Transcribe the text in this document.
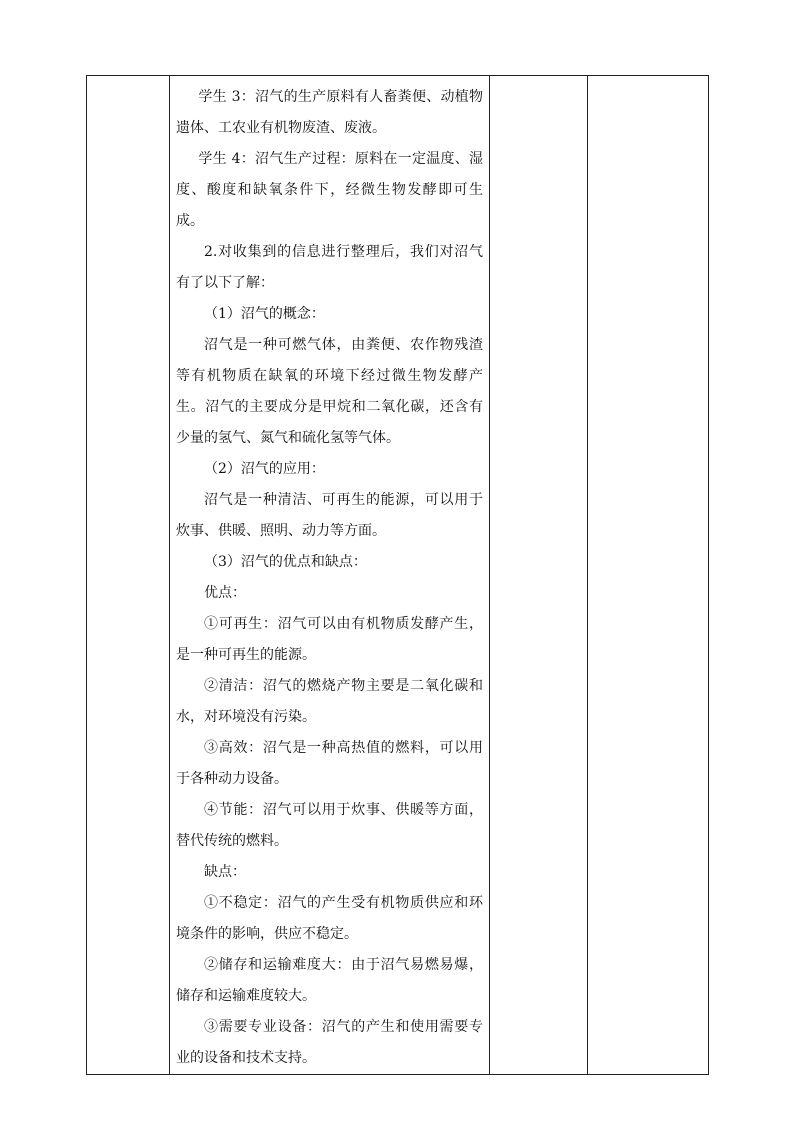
学生 3：沼气的生产原料有人畜粪便、动植物遗体、工农业有机物废渣、废液。

学生 4：沼气生产过程：原料在一定温度、湿度、酸度和缺氧条件下，经微生物发酵即可生成。

2.对收集到的信息进行整理后，我们对沼气有了以下了解：

（1）沼气的概念：

沼气是一种可燃气体，由粪便、农作物残渣等有机物质在缺氧的环境下经过微生物发酵产生。沼气的主要成分是甲烷和二氧化碳，还含有少量的氢气、氮气和硫化氢等气体。

（2）沼气的应用：

沼气是一种清洁、可再生的能源，可以用于炊事、供暖、照明、动力等方面。

（3）沼气的优点和缺点：

优点：

①可再生：沼气可以由有机物质发酵产生，是一种可再生的能源。

②清洁：沼气的燃烧产物主要是二氧化碳和水，对环境没有污染。

③高效：沼气是一种高热值的燃料，可以用于各种动力设备。

④节能：沼气可以用于炊事、供暖等方面，替代传统的燃料。

缺点：

①不稳定：沼气的产生受有机物质供应和环境条件的影响，供应不稳定。

②储存和运输难度大：由于沼气易燃易爆，储存和运输难度较大。

③需要专业设备：沼气的产生和使用需要专业的设备和技术支持。
